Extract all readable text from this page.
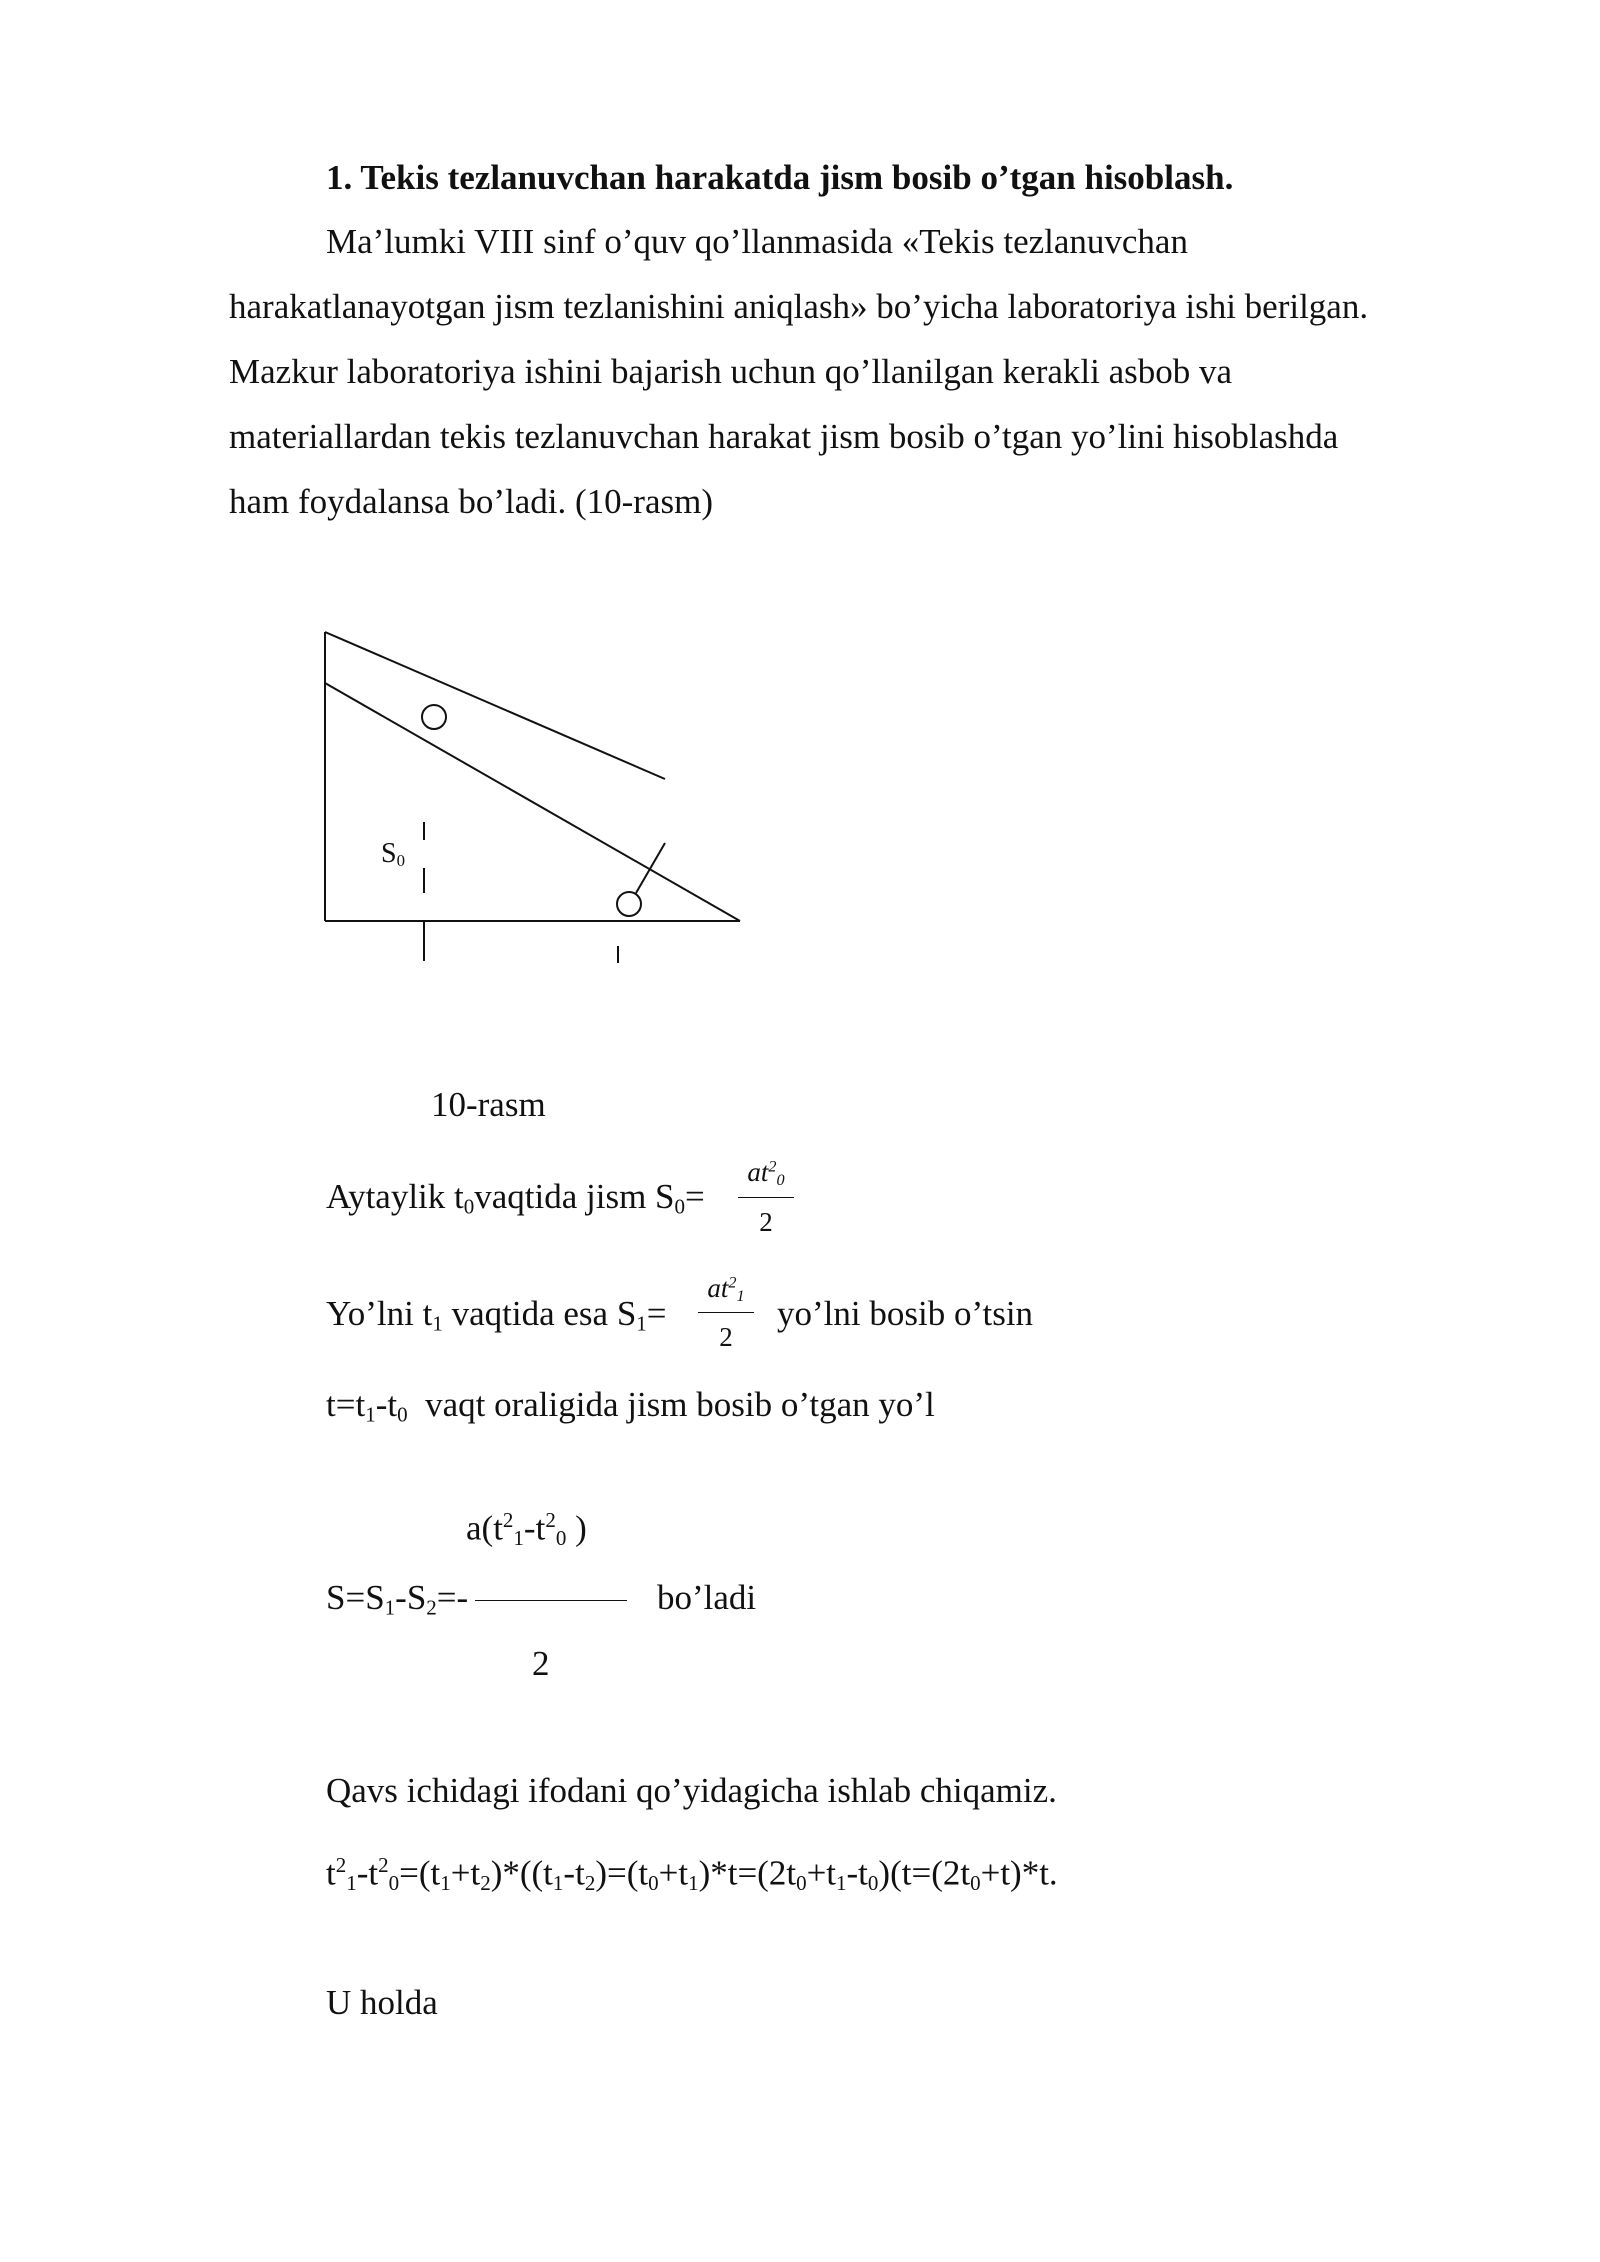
1. Tekis tezlanuvchan harakatda jism bosib o’tgan hisoblash.
Ma’lumki VIII sinf o’quv qo’llanmasida «Tekis tezlanuvchan
harakatlanayotgan jism tezlanishini aniqlash» bo’yicha laboratoriya ishi berilgan.
Mazkur laboratoriya ishini bajarish uchun qo’llanilgan kerakli asbob va
materiallardan tekis tezlanuvchan harakat jism bosib o’tgan yo’lini hisoblashda
ham foydalansa bo’ladi. (10-rasm)
$S_0$
10-rasm
Aytaylik $t_0vaqtida$ jism $S_0=$
$at^2_0$
2
Yo’lni $t_1$ vaqtida esa $S_1=$
$at^2_1$
2
yo’lni bosib o’tsin
$t=t_1-t_0$  vaqt oraligida jism bosib o’tgan yo’l
$a(t^2_1-t^2_0$ )
$S=S_1-S_2=-$	bo’ladi
2
Qavs ichidagi ifodani qo’yidagicha ishlab chiqamiz.
$t^2_1-t^2_0=(t_1+t_2)*((t_1-t_2)=(t_0+t_1)*t=(2t_0+t_1-t_0)(t=(2t_0+t)*t$.
U holda
